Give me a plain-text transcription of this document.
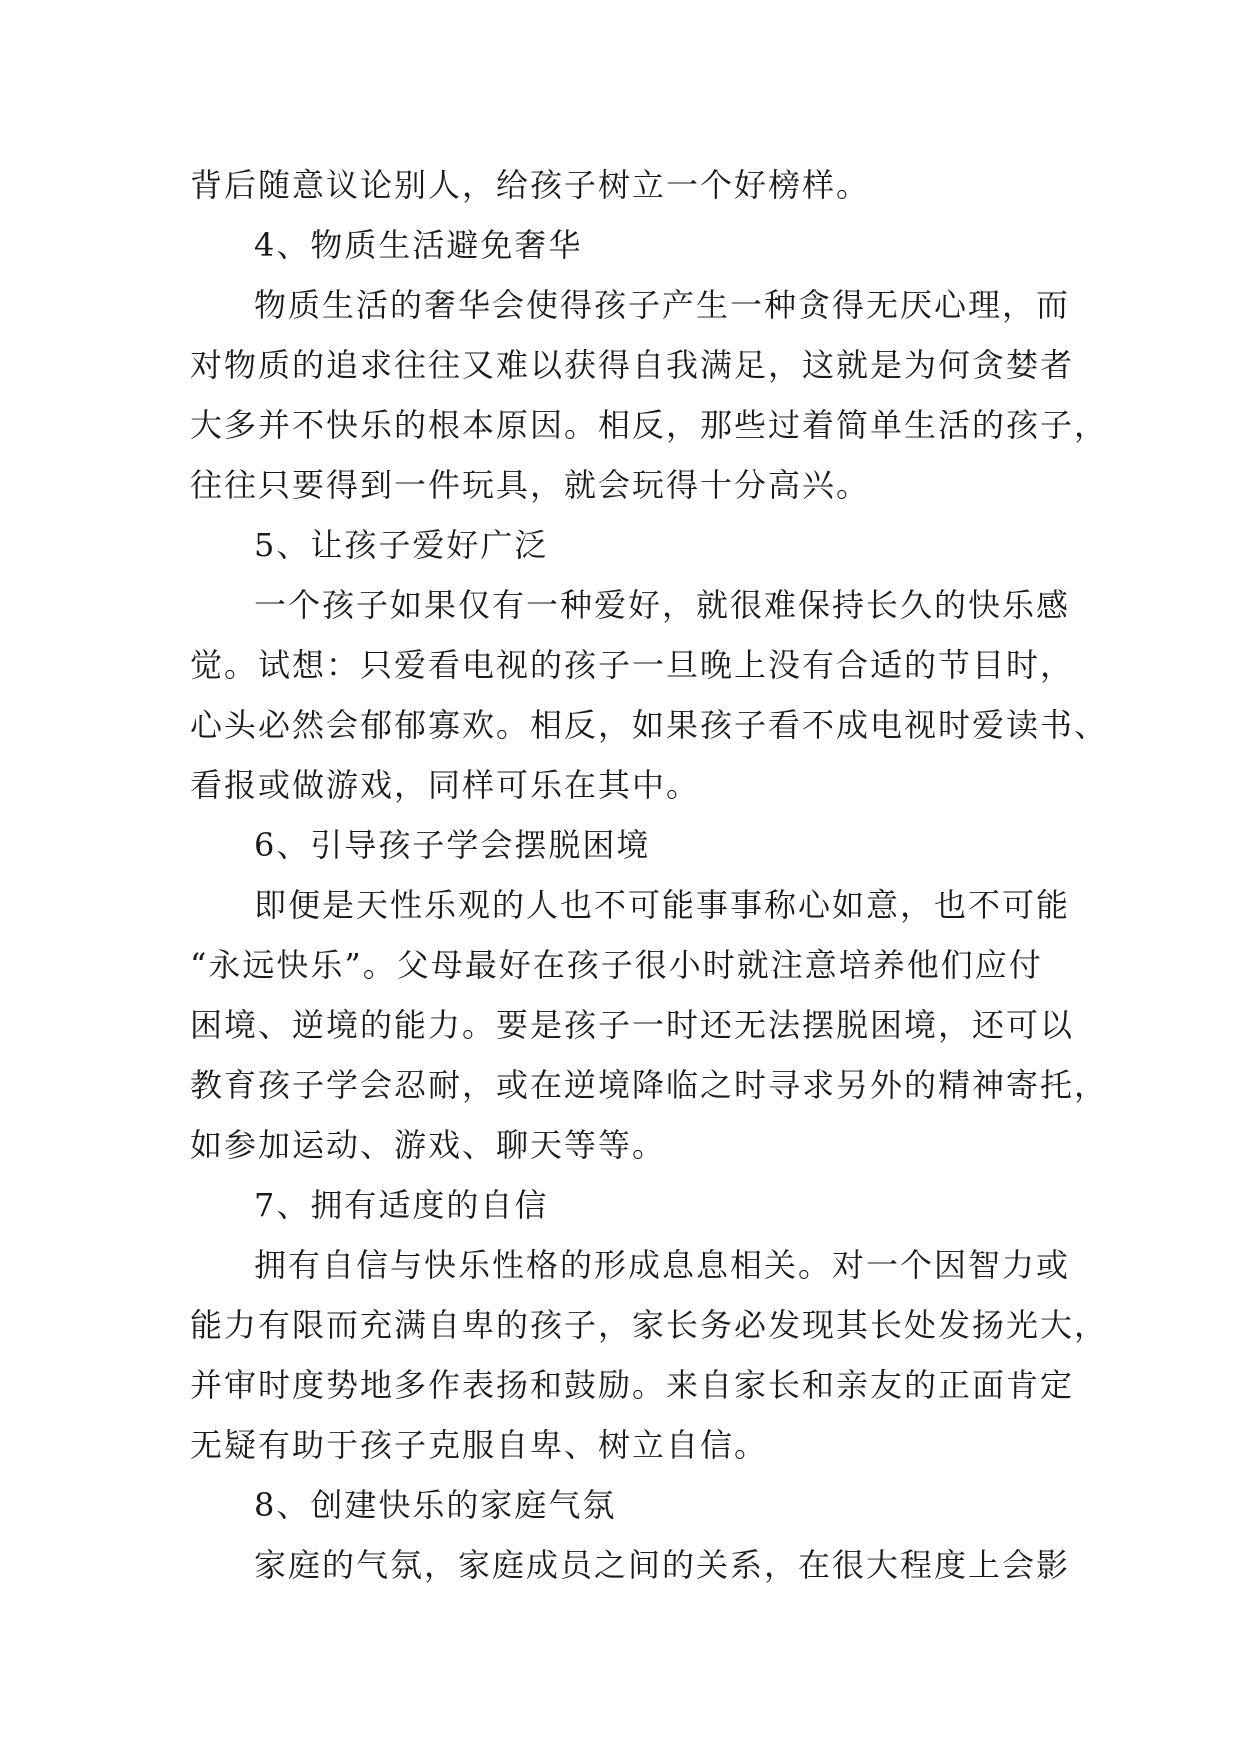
背后随意议论别人，给孩子树立一个好榜样。
4、物质生活避免奢华
物质生活的奢华会使得孩子产生一种贪得无厌心理，而
对物质的追求往往又难以获得自我满足，这就是为何贪婪者
大多并不快乐的根本原因。相反，那些过着简单生活的孩子，
往往只要得到一件玩具，就会玩得十分高兴。
5、让孩子爱好广泛
一个孩子如果仅有一种爱好，就很难保持长久的快乐感
觉。试想：只爱看电视的孩子一旦晚上没有合适的节目时，
心头必然会郁郁寡欢。相反，如果孩子看不成电视时爱读书、
看报或做游戏，同样可乐在其中。
6、引导孩子学会摆脱困境
即便是天性乐观的人也不可能事事称心如意，也不可能
“永远快乐”。父母最好在孩子很小时就注意培养他们应付
困境、逆境的能力。要是孩子一时还无法摆脱困境，还可以
教育孩子学会忍耐，或在逆境降临之时寻求另外的精神寄托，
如参加运动、游戏、聊天等等。
7、拥有适度的自信
拥有自信与快乐性格的形成息息相关。对一个因智力或
能力有限而充满自卑的孩子，家长务必发现其长处发扬光大，
并审时度势地多作表扬和鼓励。来自家长和亲友的正面肯定
无疑有助于孩子克服自卑、树立自信。
8、创建快乐的家庭气氛
家庭的气氛，家庭成员之间的关系，在很大程度上会影
